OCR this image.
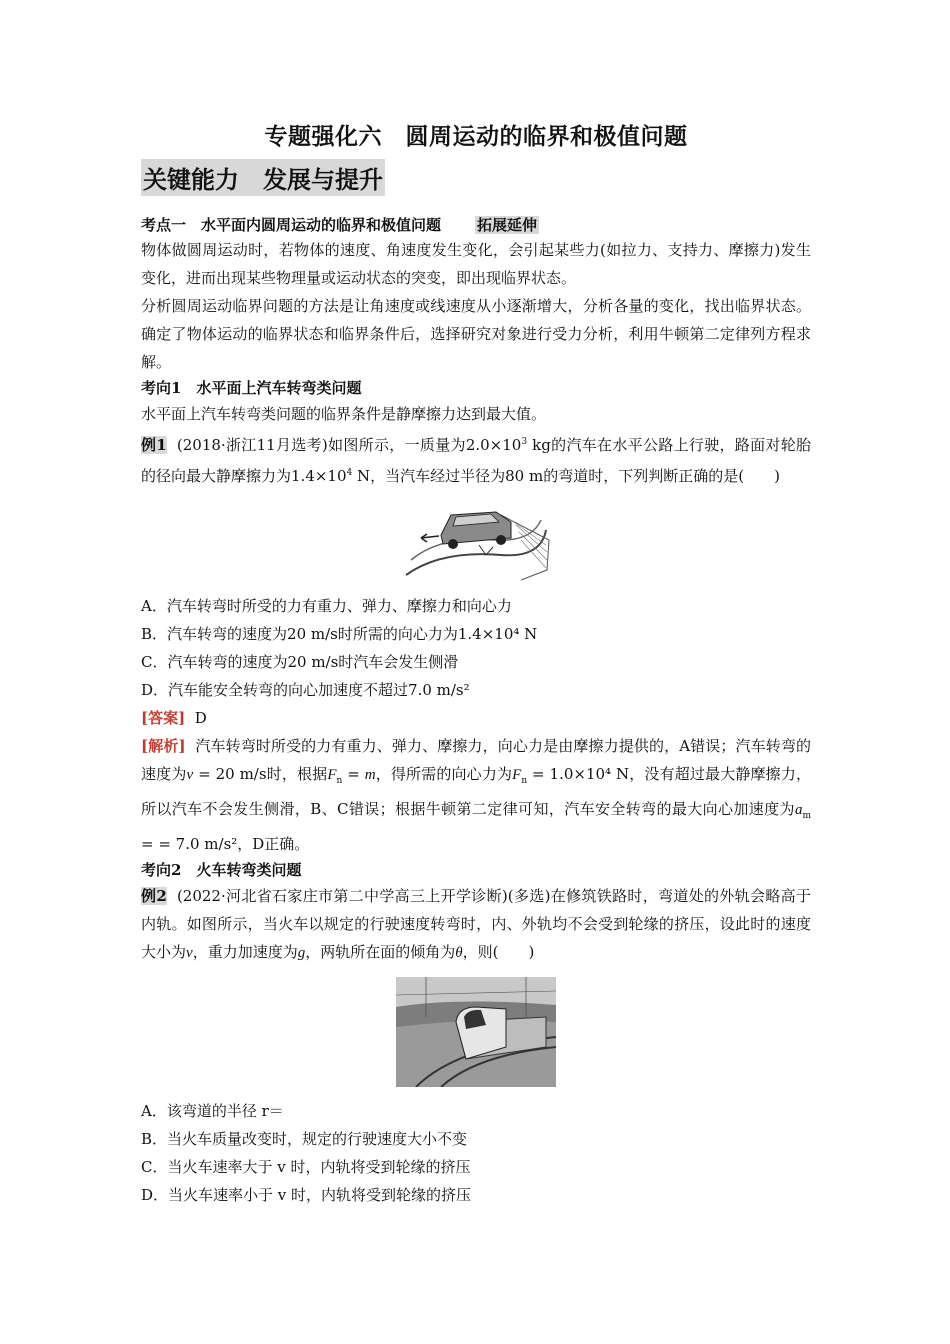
专题强化六　圆周运动的临界和极值问题
关键能力　发展与提升
考点一　水平面内圆周运动的临界和极值问题 拓展延伸

物体做圆周运动时，若物体的速度、角速度发生变化，会引起某些力(如拉力、支持力、摩擦力)发生变化，进而出现某些物理量或运动状态的突变，即出现临界状态。

分析圆周运动临界问题的方法是让角速度或线速度从小逐渐增大，分析各量的变化，找出临界状态。确定了物体运动的临界状态和临界条件后，选择研究对象进行受力分析，利用牛顿第二定律列方程求解。

考向1　水平面上汽车转弯类问题

水平面上汽车转弯类问题的临界条件是静摩擦力达到最大值。

例1 (2018·浙江11月选考)如图所示，一质量为$2.0\times 10^3$ kg的汽车在水平公路上行驶，路面对轮胎的径向最大静摩擦力为$1.4\times 10^4$ N，当汽车经过半径为80 m的弯道时，下列判断正确的是(　　)

A．汽车转弯时所受的力有重力、弹力、摩擦力和向心力
B．汽车转弯的速度为20 m/s时所需的向心力为1.4×10⁴ N
C．汽车转弯的速度为20 m/s时汽车会发生侧滑
D．汽车能安全转弯的向心加速度不超过7.0 m/s²

[答案] D

[解析] 汽车转弯时所受的力有重力、弹力、摩擦力，向心力是由摩擦力提供的，A错误；汽车转弯的速度为v = 20 m/s时，根据$F_n = m$，得所需的向心力为$F_n = 1.0\times 10^4$ N，没有超过最大静摩擦力，所以汽车不会发生侧滑，B、C错误；根据牛顿第二定律可知，汽车安全转弯的最大向心加速度为$a_m$ = = 7.0 m/s²，D正确。

考向2　火车转弯类问题

例2 (2022·河北省石家庄市第二中学高三上开学诊断)(多选)在修筑铁路时，弯道处的外轨会略高于内轨。如图所示，当火车以规定的行驶速度转弯时，内、外轨均不会受到轮缘的挤压，设此时的速度大小为v，重力加速度为g，两轨所在面的倾角为θ，则(　　)

A．该弯道的半径 r＝
B．当火车质量改变时，规定的行驶速度大小不变
C．当火车速率大于 v 时，内轨将受到轮缘的挤压
D．当火车速率小于 v 时，内轨将受到轮缘的挤压
